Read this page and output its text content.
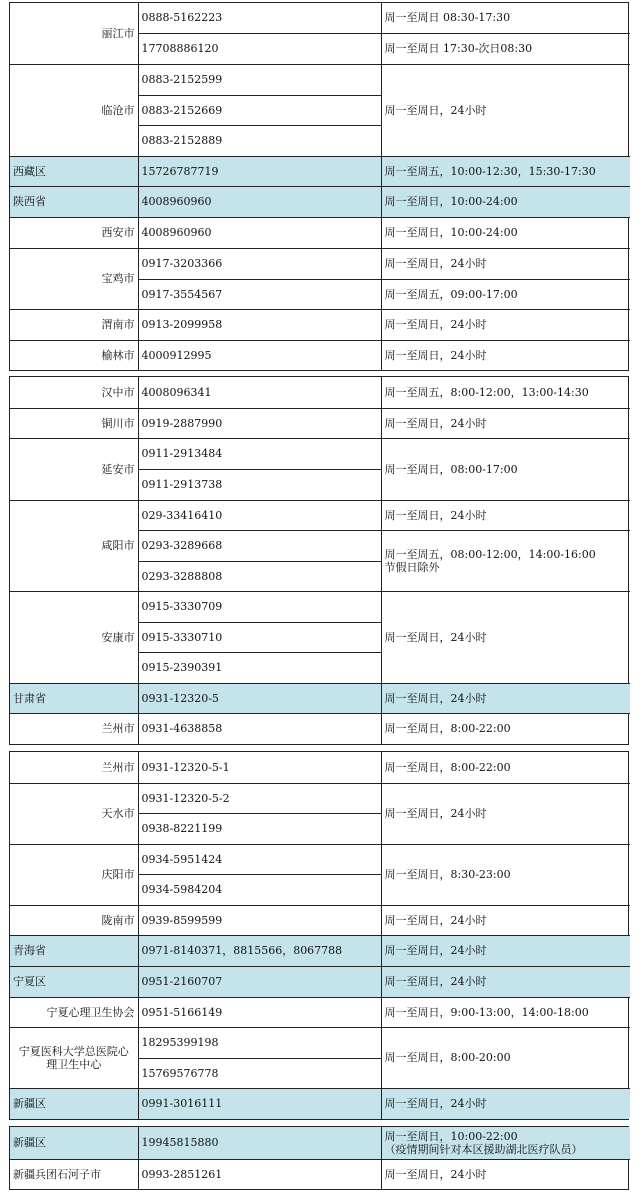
丽江市	0888-5162223	周一至周日 08:30-17:30
	17708886120	周一至周日 17:30-次日08:30
临沧市	0883-2152599	周一至周日，24小时
	0883-2152669	
	0883-2152889	
西藏区	15726787719	周一至周五，10:00-12:30，15:30-17:30
陕西省	4008960960	周一至周日，10:00-24:00
西安市	4008960960	周一至周日，10:00-24:00
宝鸡市	0917-3203366	周一至周日，24小时
	0917-3554567	周一至周五，09:00-17:00
渭南市	0913-2099958	周一至周日，24小时
榆林市	4000912995	周一至周日，24小时
汉中市	4008096341	周一至周五，8:00-12:00，13:00-14:30
铜川市	0919-2887990	周一至周日，24小时
延安市	0911-2913484	周一至周日，08:00-17:00
	0911-2913738	
咸阳市	029-33416410	周一至周日，24小时
	0293-3289668	周一至周五，08:00-12:00，14:00-16:00
节假日除外
	0293-3288808	
安康市	0915-3330709	周一至周日，24小时
	0915-3330710	
	0915-2390391	
甘肃省	0931-12320-5	周一至周日，24小时
兰州市	0931-4638858	周一至周日，8:00-22:00
兰州市	0931-12320-5-1	周一至周日，8:00-22:00
天水市	0931-12320-5-2	周一至周日，24小时
	0938-8221199	
庆阳市	0934-5951424	周一至周日，8:30-23:00
	0934-5984204	
陇南市	0939-8599599	周一至周日，24小时
青海省	0971-8140371，8815566，8067788	周一至周日，24小时
宁夏区	0951-2160707	周一至周日，24小时
宁夏心理卫生协会	0951-5166149	周一至周日，9:00-13:00，14:00-18:00
宁夏医科大学总医院心
理卫生中心	18295399198	周一至周日，8:00-20:00
	15769576778	
新疆区	0991-3016111	周一至周日，24小时
新疆区	19945815880	周一至周日，10:00-22:00
（疫情期间针对本区援助湖北医疗队员）
新疆兵团石河子市	0993-2851261	周一至周日，24小时
